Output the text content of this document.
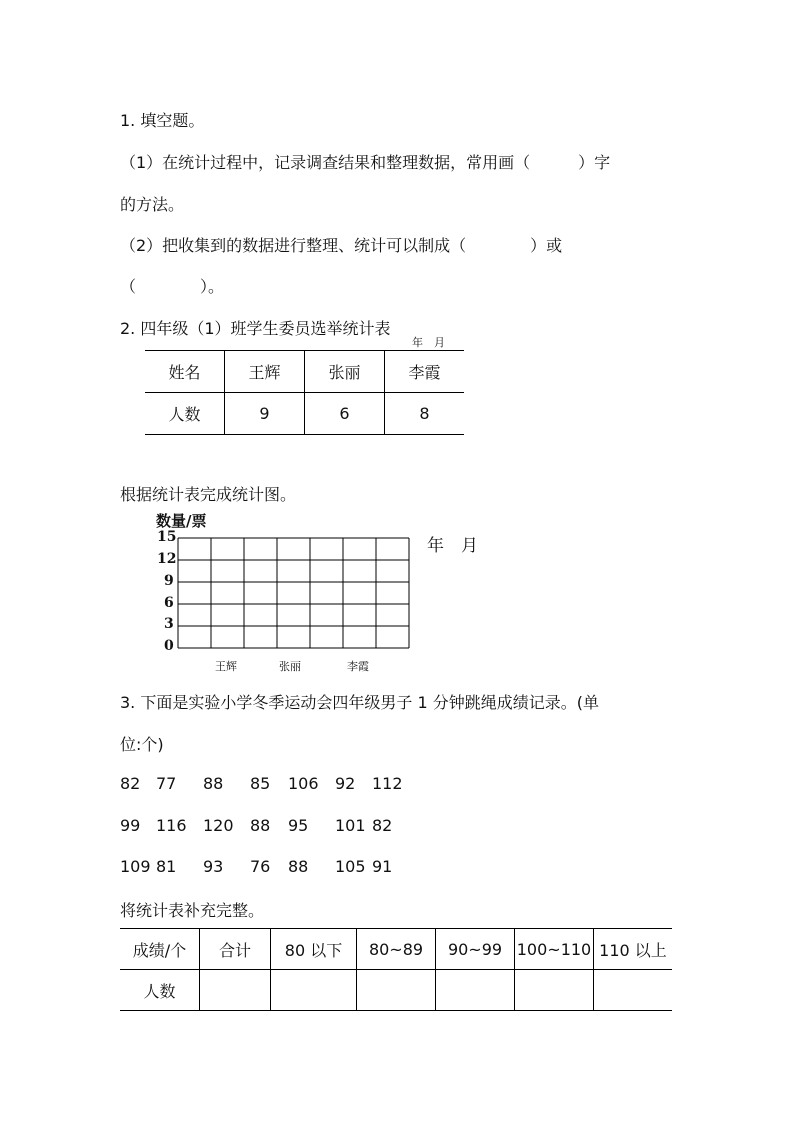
1. 填空题。
（1）在统计过程中，记录调查结果和整理数据，常用画（　　　）字
的方法。
（2）把收集到的数据进行整理、统计可以制成（　　　　）或
（　　　　）。
2. 四年级（1）班学生委员选举统计表
年　月
姓名	王辉	张丽	李霞
人数	9	6	8
根据统计表完成统计图。
数量/票
15
12
9
6
3
0
王辉	张丽	李霞
年　月
3. 下面是实验小学冬季运动会四年级男子 1 分钟跳绳成绩记录。(单
位:个)
82 77 88 85 106 92 112
99 116 120 88 95 101 82
109 81 93 76 88 105 91
将统计表补充完整。
成绩/个	合计	80 以下	80~89	90~99	100~110	110 以上
人数						
